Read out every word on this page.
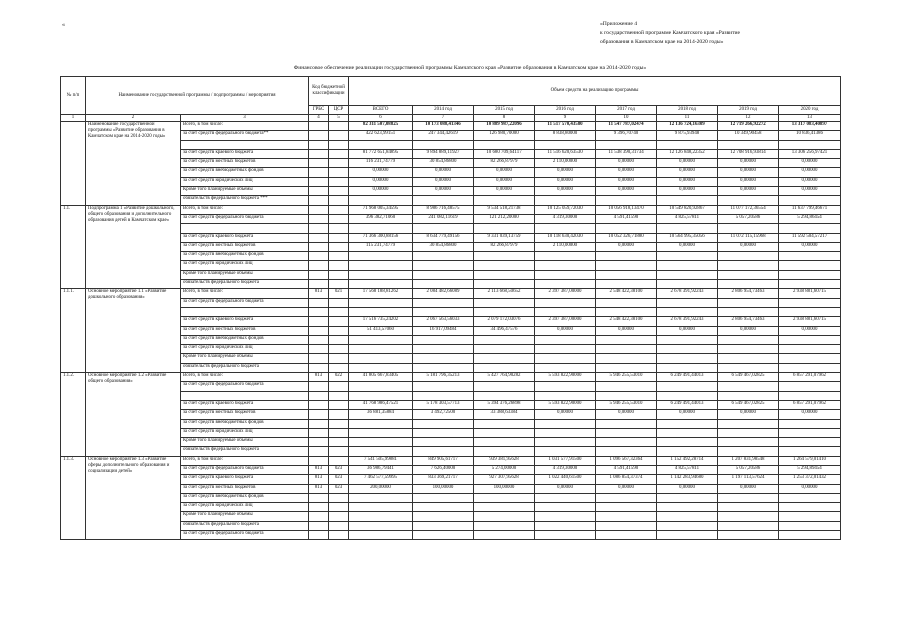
«	«Приложение 4
к государственной программе Камчатского края «Развитие
образования в Камчатском крае на 2014-2020 годы»
Финансовое обеспечение реализации государственной программы Камчатского края «Развитие образования в Камчатском крае на 2014-2020 годы»
№ п/п	Наименование государственной программы / подпрограммы / мероприятия		Код бюджетной классификации		Объем средств на реализацию программы							
			ГРБС	ЦСР	ВСЕГО	2014 год	2015 год	2016 год	2017 год	2018 год	2019 год	2020 год
1	2	3	4	5	6	7	8	9	10	11	12	13
	Наименование государственной программы «Развитие образования в Камчатском крае на 2014-2020 годы»	Всего, в том числе:			82 311 507,08825	10 173 088,41346	10 889 987,22096	11 517 570,43580	11 547 787,02474	12 136 724,16309	12 719 266,92272	13 317 083,40897
		за счет средств федерального бюджета**			422 623,99151	247 344,42619	126 980,70000	8 838,80000	9 396,70740	9 875,93948	10 349,90458	10 836,41386

		за счет средств краевого бюджета			81 772 651,84895	9 894 889,11927	10 680 709,64117	11 516 620,63530	11 538 390,31734	12 126 848,22352	12 708 916,93814	13 306 256,97421
		за счет средств местных бюджетов			116 231,74779	30 854,86800	82 266,87979	2 110,00000	0,00000	0,00000	0,00000	0,00000
		за счет средств внебюджетных фондов			0,00000	0,00000	0,00000	0,00000	0,00000	0,00000	0,00000	0,00000
		за счет средств юридических лиц			0,00000	0,00000	0,00000	0,00000	0,00000	0,00000	0,00000	0,00000
		Кроме того планируемые объемы			0,00000	0,00000	0,00000	0,00000	0,00000	0,00000	0,00000	0,00000
		обязательств федерального бюджета ***										
1.1.	Подпрограмма 1 «Развитие дошкольного, общего образования и дополнительного образования детей в Камчатском крае»	Всего, в том числе:			71 968 005,34595	8 986 716,48575	9 534 518,21738	10 125 059,72030	10 056 918,13470	10 549 820,92867	11 077 172,36554	11 637 799,46671
		за счет средств федерального бюджета			396 382,71060	241 082,11619	121 212,20000	4 319,30000	4 591,41590	4 825,57811	5 057,20586	5 294,86454

		за счет средств краевого бюджета			71 366 300,88156	8 634 779,49156	9 331 039,13759	10 118 630,42030	10 052 326,71880	10 564 995,35056	11 072 115,15968	11 592 504,57217
		за счет средств местных бюджетов			115 231,74779	30 854,86800	82 266,87979	2 110,00000	0,00000	0,00000	0,00000	0,00000
		за счет средств внебюджетных фондов										
		за счет средств юридических лиц										
		Кроме того планируемые объемы										
		обязательств федерального бюджета										
1.1.1.	Основное мероприятие 1.1 «Развитие дошкольного образования»	Всего, в том числе:	813	021	17 568 188,81262	2 084 482,66089	2 113 668,50652	2 397 387,00000	2 548 422,38100	2 678 391,92243	2 806 954,73463	2 938 881,60715
		за счет средств федерального бюджета										

		за счет средств краевого бюджета			17 516 735,24202	2 067 563,56033	2 079 172,03076	2 397 387,00000	2 548 422,38100	2 678 391,92243	2 806 954,73463	2 938 881,60715
		за счет средств местных бюджетов			51 413,57060	16 917,09484	34 496,47576	0,00000	0,00000	0,00000	0,00000	0,00000
		за счет средств внебюджетных фондов										
		за счет средств юридических лиц										
		Кроме того планируемые объемы										
		обязательств федерального бюджета										
1.1.2.	Основное мероприятие 1.2 «Развитие общего образования»	Всего, в том числе:	813	022	41 805 667,83405	5 181 796,35213	5 427 764,90282	5 593 822,90000	5 946 255,53010	6 249 491,44013	6 549 467,02825	6 857 291,07962
		за счет средств федерального бюджета										

		за счет средств краевого бюджета			41 768 986,47521	5 178 303,57713	5 394 376,26898	5 593 822,90000	5 946 255,53010	6 249 491,44013	6 549 467,02825	6 857 291,07962
		за счет средств местных бюджетов			36 881,35884	3 492,72500	33 388,63384	0,00000	0,00000	0,00000	0,00000	0,00000
		за счет средств внебюджетных фондов										
		за счет средств юридических лиц										
		Кроме того планируемые объемы										
		обязательств федерального бюджета										
1.1.3.	Основное мероприятие 1.3 «Развитие сферы дополнительного образования и социализации детей»	Всего, в том числе:			7 541 505,99881	849 905,61717	939 381,95628	1 031 577,91500	1 096 567,32364	1 152 492,28714	1 207 831,98548	1 264 579,01410
		за счет средств федерального бюджета	813	023	36 986,79441	7 626,40000	5 274,00000	4 319,30000	4 591,41590	4 825,57811	5 057,20586	5 294,89454
		за счет средств краевого бюджета	813	023	7 462 577,59995	833 369,21717	927 307,95628	1 022 440,61500	1 086 854,37374	1 142 283,94680	1 197 113,57624	1 253 372,01432
		за счет средств местных бюджетов	813	023	200,00000	100,00000	100,00000	0,00000	0,00000	0,00000	0,00000	0,00000
		за счет средств внебюджетных фондов										
		за счет средств юридических лиц										
		Кроме того планируемые объемы										
		обязательств федерального бюджета										
		за счет средств федерального бюджета										
